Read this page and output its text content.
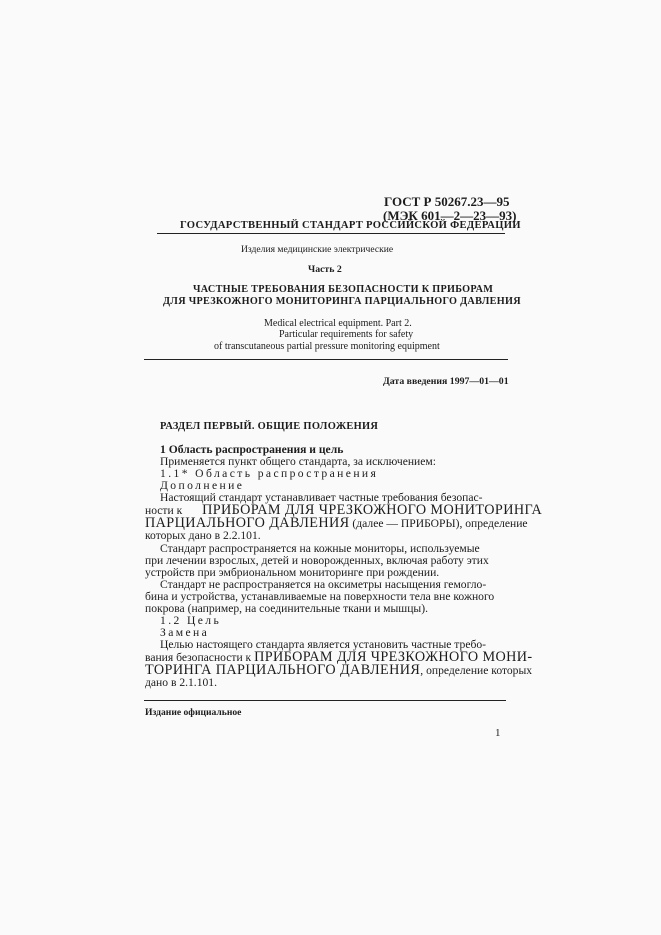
ГОСТ Р 50267.23—95
(МЭК 601—2—23—93)
ГОСУДАРСТВЕННЫЙ СТАНДАРТ РОССИЙСКОЙ ФЕДЕРАЦИИ
Изделия медицинские электрические
Часть 2
ЧАСТНЫЕ ТРЕБОВАНИЯ БЕЗОПАСНОСТИ К ПРИБОРАМ
ДЛЯ ЧРЕЗКОЖНОГО МОНИТОРИНГА ПАРЦИАЛЬНОГО ДАВЛЕНИЯ
Medical electrical equipment. Part 2.
Particular requirements for safety
of transcutaneous partial pressure monitoring equipment
Дата введения 1997—01—01
РАЗДЕЛ ПЕРВЫЙ. ОБЩИЕ ПОЛОЖЕНИЯ
1 Область распространения и цель
Применяется пункт общего стандарта, за исключением:
1.1* Область распространения
Дополнение
Настоящий стандарт устанавливает частные требования безопас-
ности к ПРИБОРАМ ДЛЯ ЧРЕЗКОЖНОГО МОНИТОРИНГА
ПАРЦИАЛЬНОГО ДАВЛЕНИЯ (далее — ПРИБОРЫ), определение
которых дано в 2.2.101.
Стандарт распространяется на кожные мониторы, используемые
при лечении взрослых, детей и новорожденных, включая работу этих
устройств при эмбриональном мониторинге при рождении.
Стандарт не распространяется на оксиметры насыщения гемогло-
бина и устройства, устанавливаемые на поверхности тела вне кожного
покрова (например, на соединительные ткани и мышцы).
1.2 Цель
Замена
Целью настоящего стандарта является установить частные требо-
вания безопасности к ПРИБОРАМ ДЛЯ ЧРЕЗКОЖНОГО МОНИ-
ТОРИНГА ПАРЦИАЛЬНОГО ДАВЛЕНИЯ, определение которых
дано в 2.1.101.
Издание официальное
1
